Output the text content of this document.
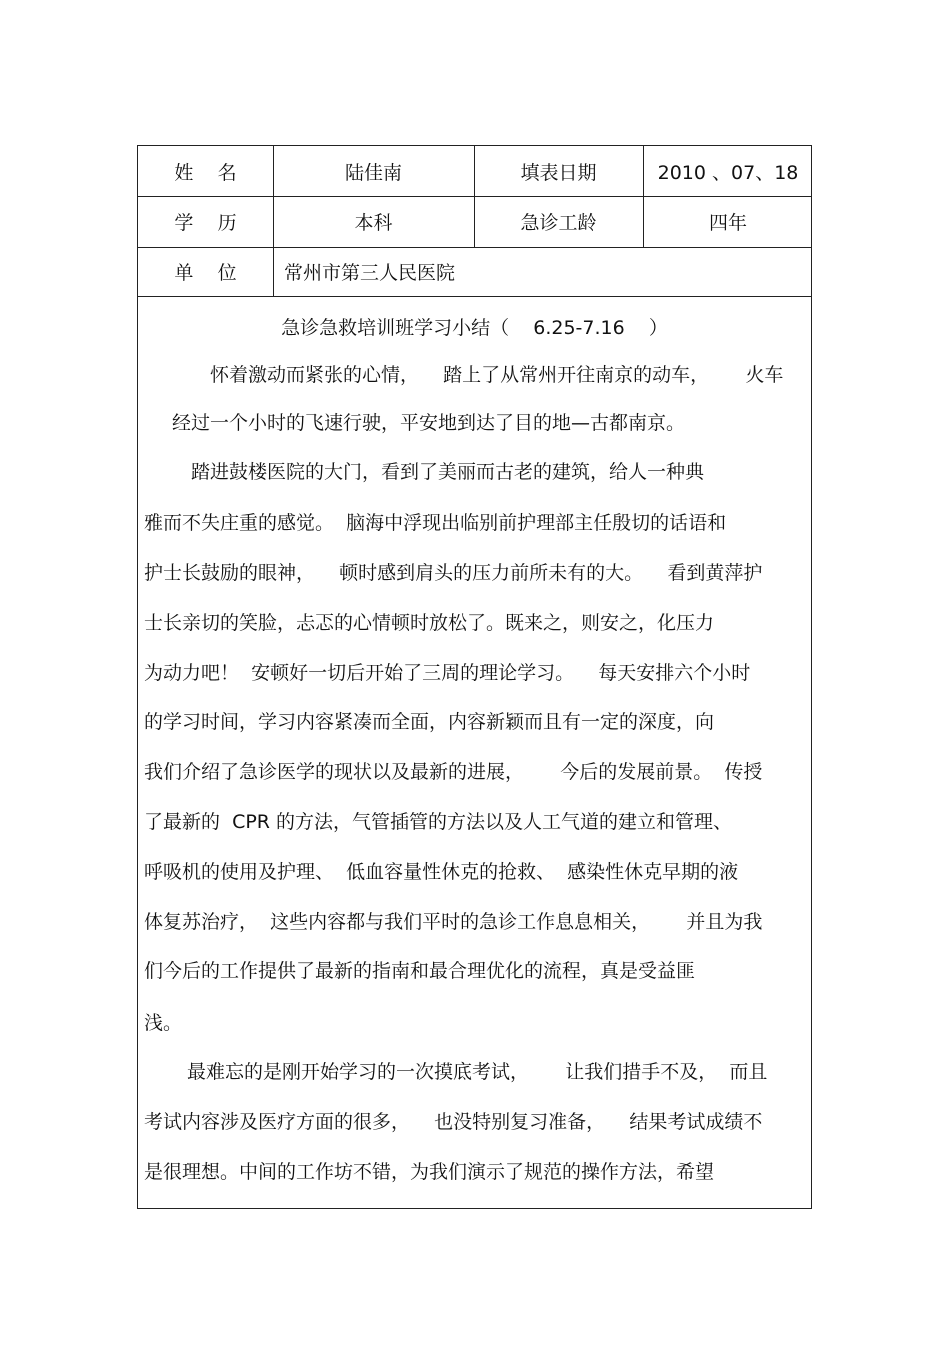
姓    名	陆佳南	填表日期	2010 、07、18
学    历	本科	急诊工龄	四年
单    位	常州市第三人民医院
急诊急救培训班学习小结（    6.25-7.16    ）
怀着激动而紧张的心情，    踏上了从常州开往南京的动车，      火车
经过一个小时的飞速行驶，平安地到达了目的地—古都南京。
踏进鼓楼医院的大门，看到了美丽而古老的建筑，给人一种典
雅而不失庄重的感觉。  脑海中浮现出临别前护理部主任殷切的话语和
护士长鼓励的眼神，    顿时感到肩头的压力前所未有的大。    看到黄萍护
士长亲切的笑脸，忐忑的心情顿时放松了。既来之，则安之，化压力
为动力吧！  安顿好一切后开始了三周的理论学习。    每天安排六个小时
的学习时间，学习内容紧凑而全面，内容新颖而且有一定的深度，向
我们介绍了急诊医学的现状以及最新的进展，      今后的发展前景。  传授
了最新的  CPR 的方法，气管插管的方法以及人工气道的建立和管理、
呼吸机的使用及护理、  低血容量性休克的抢救、  感染性休克早期的液
体复苏治疗，  这些内容都与我们平时的急诊工作息息相关，      并且为我
们今后的工作提供了最新的指南和最合理优化的流程，真是受益匪
浅。
最难忘的是刚开始学习的一次摸底考试，      让我们措手不及，  而且
考试内容涉及医疗方面的很多，    也没特别复习准备，    结果考试成绩不
是很理想。中间的工作坊不错，为我们演示了规范的操作方法，希望
